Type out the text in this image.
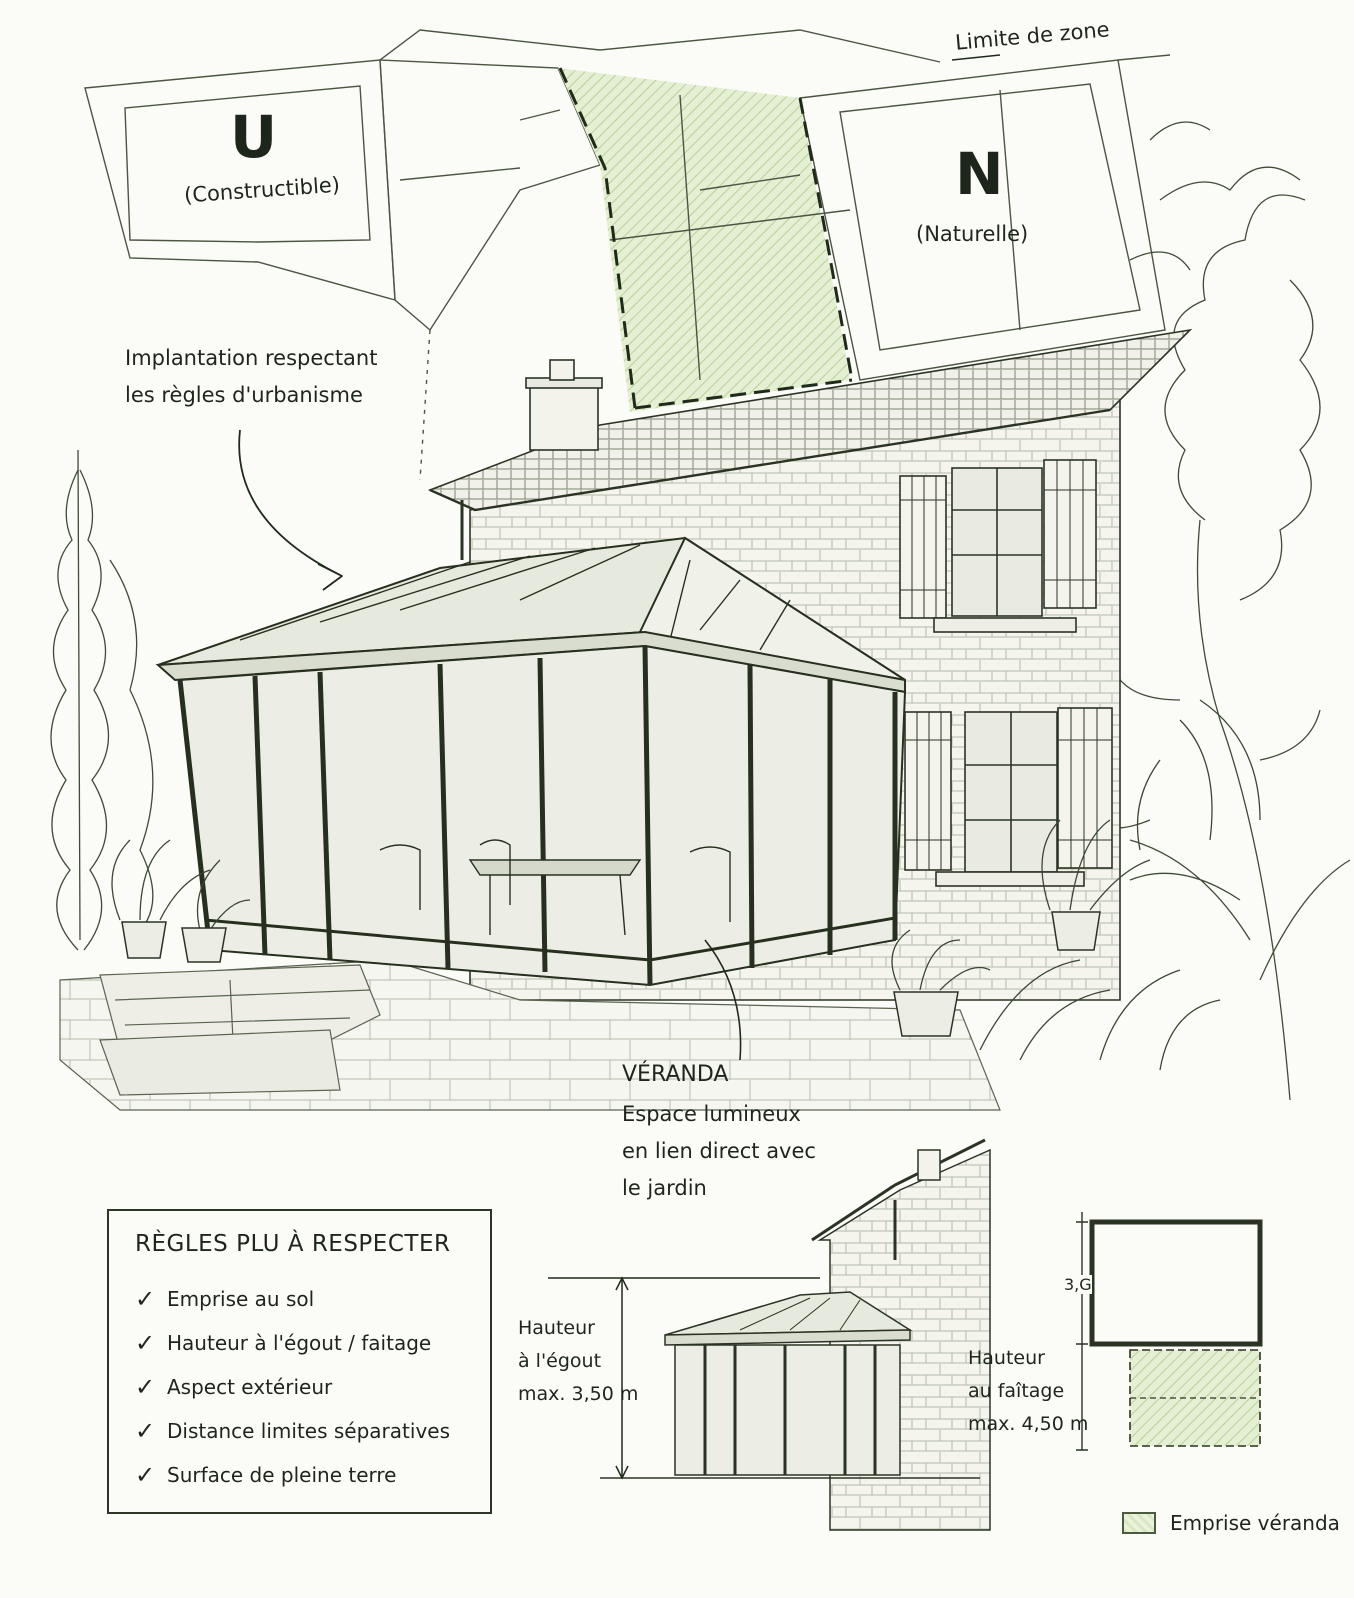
Limite de zone
U
(Constructible)	N
(Naturelle)
Implantation respectant
les règles d'urbanisme
VÉRANDA
Espace lumineux
en lien direct avec
le jardin
RÈGLES PLU À RESPECTER
✓ Emprise au sol
✓ Hauteur à l'égout / faitage
✓ Aspect extérieur
✓ Distance limites séparatives
✓ Surface de pleine terre
Hauteur
à l'égout
max. 3,50 m
Hauteur
au faîtage
max. 4,50 m
3,G
Emprise véranda
